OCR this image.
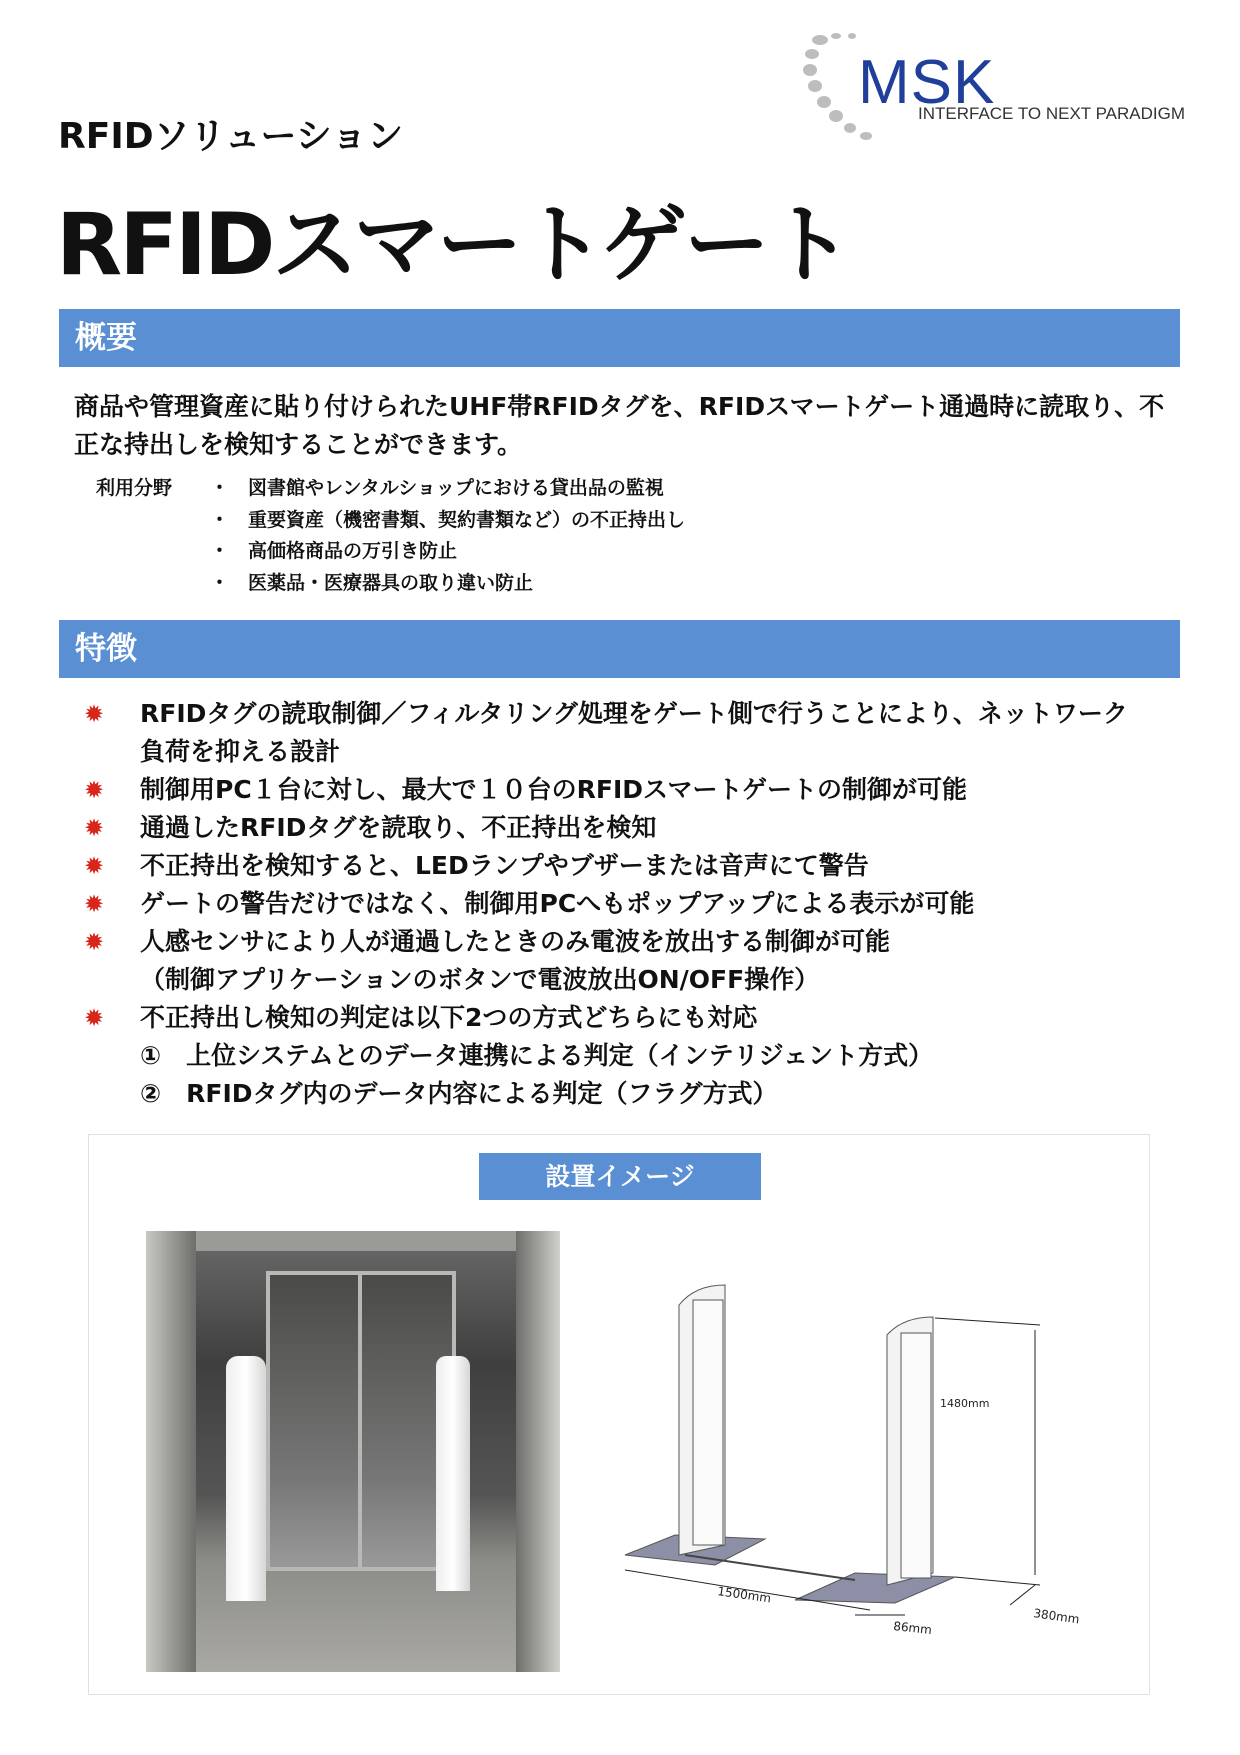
MSK
INTERFACE TO NEXT PARADIGM
RFIDソリューション
RFIDスマートゲート
概要
商品や管理資産に貼り付けられたUHF帯RFIDタグを、RFIDスマートゲート通過時に読取り、不正な持出しを検知することができます。
利用分野 ・　図書館やレンタルショップにおける貸出品の監視
・　重要資産（機密書類、契約書類など）の不正持出し
・　高価格商品の万引き防止
・　医薬品・医療器具の取り違い防止
特徴
✹ RFIDタグの読取制御／フィルタリング処理をゲート側で行うことにより、ネットワーク
負荷を抑える設計
✹ 制御用PC１台に対し、最大で１０台のRFIDスマートゲートの制御が可能
✹ 通過したRFIDタグを読取り、不正持出を検知
✹ 不正持出を検知すると、LEDランプやブザーまたは音声にて警告
✹ ゲートの警告だけではなく、制御用PCへもポップアップによる表示が可能
✹ 人感センサにより人が通過したときのみ電波を放出する制御が可能
（制御アプリケーションのボタンで電波放出ON/OFF操作）
✹ 不正持出し検知の判定は以下2つの方式どちらにも対応
①　上位システムとのデータ連携による判定（インテリジェント方式）
②　RFIDタグ内のデータ内容による判定（フラグ方式）
設置イメージ
1480mm
1500mm
380mm
86mm
